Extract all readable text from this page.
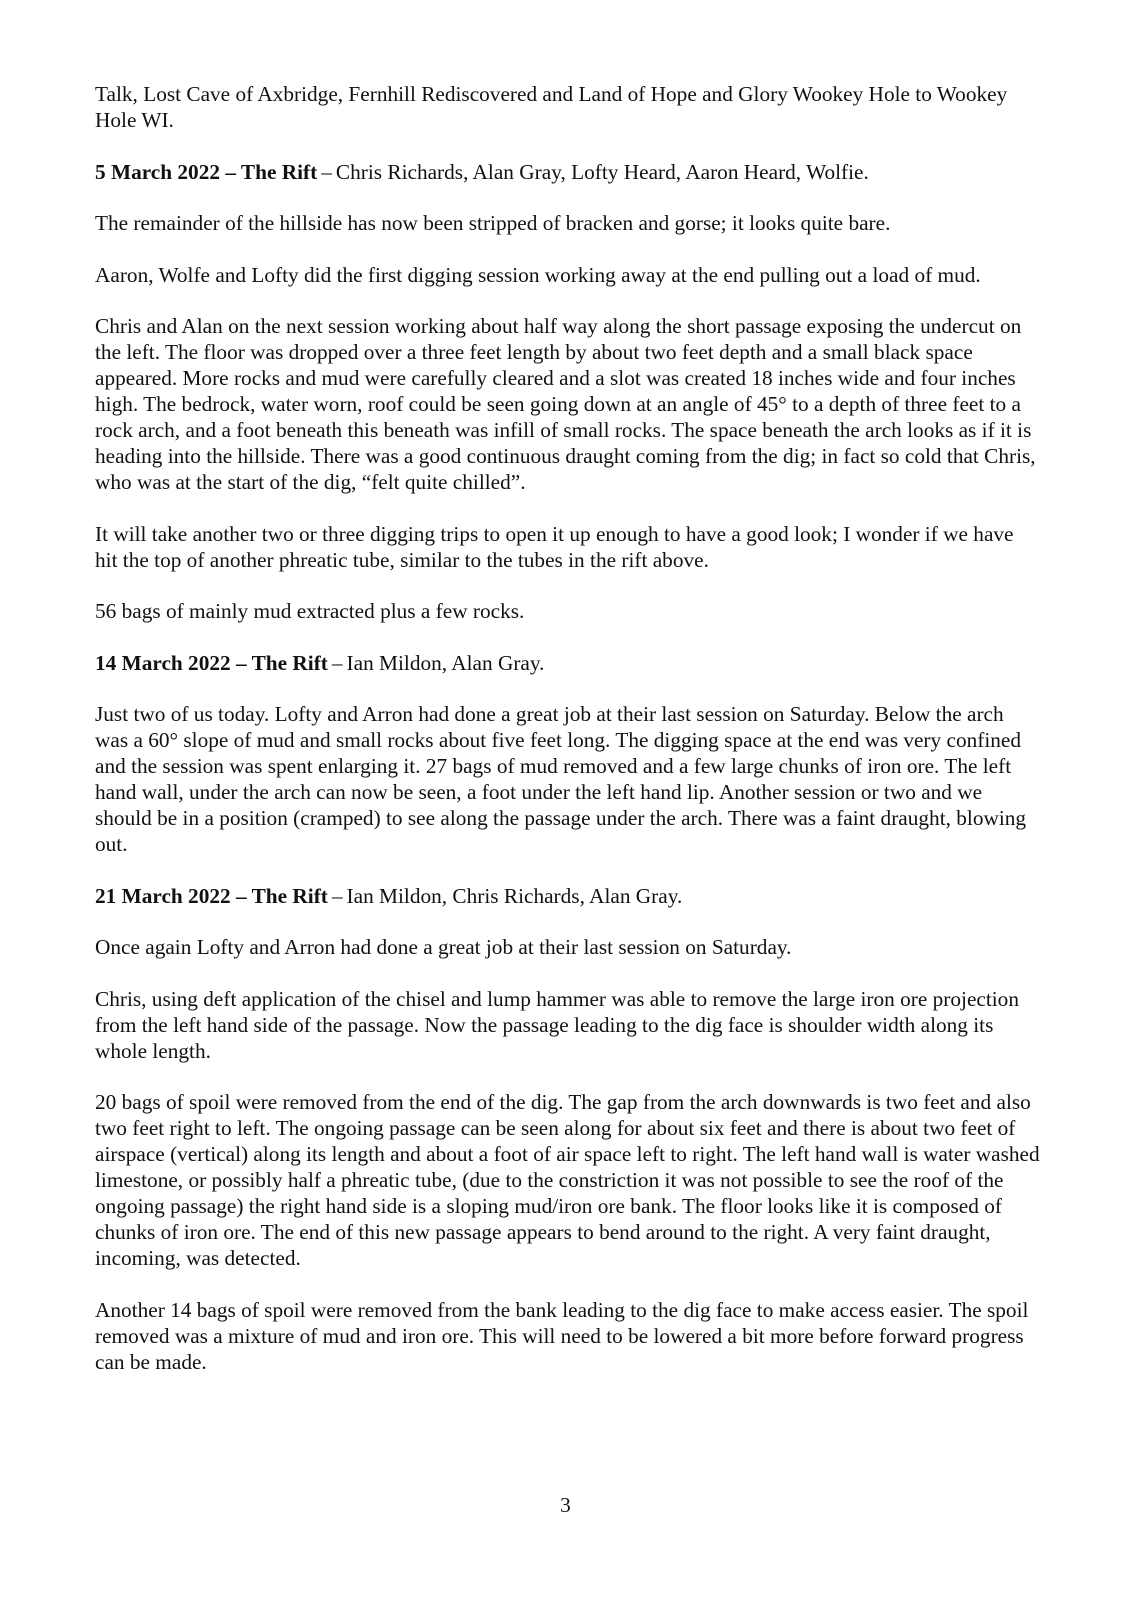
Talk, Lost Cave of Axbridge, Fernhill Rediscovered and Land of Hope and Glory Wookey Hole to Wookey Hole WI.

5 March 2022 – The Rift – Chris Richards, Alan Gray, Lofty Heard, Aaron Heard, Wolfie.

The remainder of the hillside has now been stripped of bracken and gorse; it looks quite bare.

Aaron, Wolfe and Lofty did the first digging session working away at the end pulling out a load of mud.

Chris and Alan on the next session working about half way along the short passage exposing the undercut on the left. The floor was dropped over a three feet length by about two feet depth and a small black space appeared. More rocks and mud were carefully cleared and a slot was created 18 inches wide and four inches high. The bedrock, water worn, roof could be seen going down at an angle of 45° to a depth of three feet to a rock arch, and a foot beneath this beneath was infill of small rocks. The space beneath the arch looks as if it is heading into the hillside. There was a good continuous draught coming from the dig; in fact so cold that Chris, who was at the start of the dig, “felt quite chilled”.

It will take another two or three digging trips to open it up enough to have a good look; I wonder if we have hit the top of another phreatic tube, similar to the tubes in the rift above.

56 bags of mainly mud extracted plus a few rocks.

14 March 2022 – The Rift – Ian Mildon, Alan Gray.

Just two of us today. Lofty and Arron had done a great job at their last session on Saturday. Below the arch was a 60° slope of mud and small rocks about five feet long. The digging space at the end was very confined and the session was spent enlarging it. 27 bags of mud removed and a few large chunks of iron ore. The left hand wall, under the arch can now be seen, a foot under the left hand lip. Another session or two and we should be in a position (cramped) to see along the passage under the arch. There was a faint draught, blowing out.

21 March 2022 – The Rift – Ian Mildon, Chris Richards, Alan Gray.

Once again Lofty and Arron had done a great job at their last session on Saturday.

Chris, using deft application of the chisel and lump hammer was able to remove the large iron ore projection from the left hand side of the passage. Now the passage leading to the dig face is shoulder width along its whole length.

20 bags of spoil were removed from the end of the dig. The gap from the arch downwards is two feet and also two feet right to left. The ongoing passage can be seen along for about six feet and there is about two feet of airspace (vertical) along its length and about a foot of air space left to right. The left hand wall is water washed limestone, or possibly half a phreatic tube, (due to the constriction it was not possible to see the roof of the ongoing passage) the right hand side is a sloping mud/iron ore bank. The floor looks like it is composed of chunks of iron ore. The end of this new passage appears to bend around to the right. A very faint draught, incoming, was detected.

Another 14 bags of spoil were removed from the bank leading to the dig face to make access easier. The spoil removed was a mixture of mud and iron ore. This will need to be lowered a bit more before forward progress can be made.

3
